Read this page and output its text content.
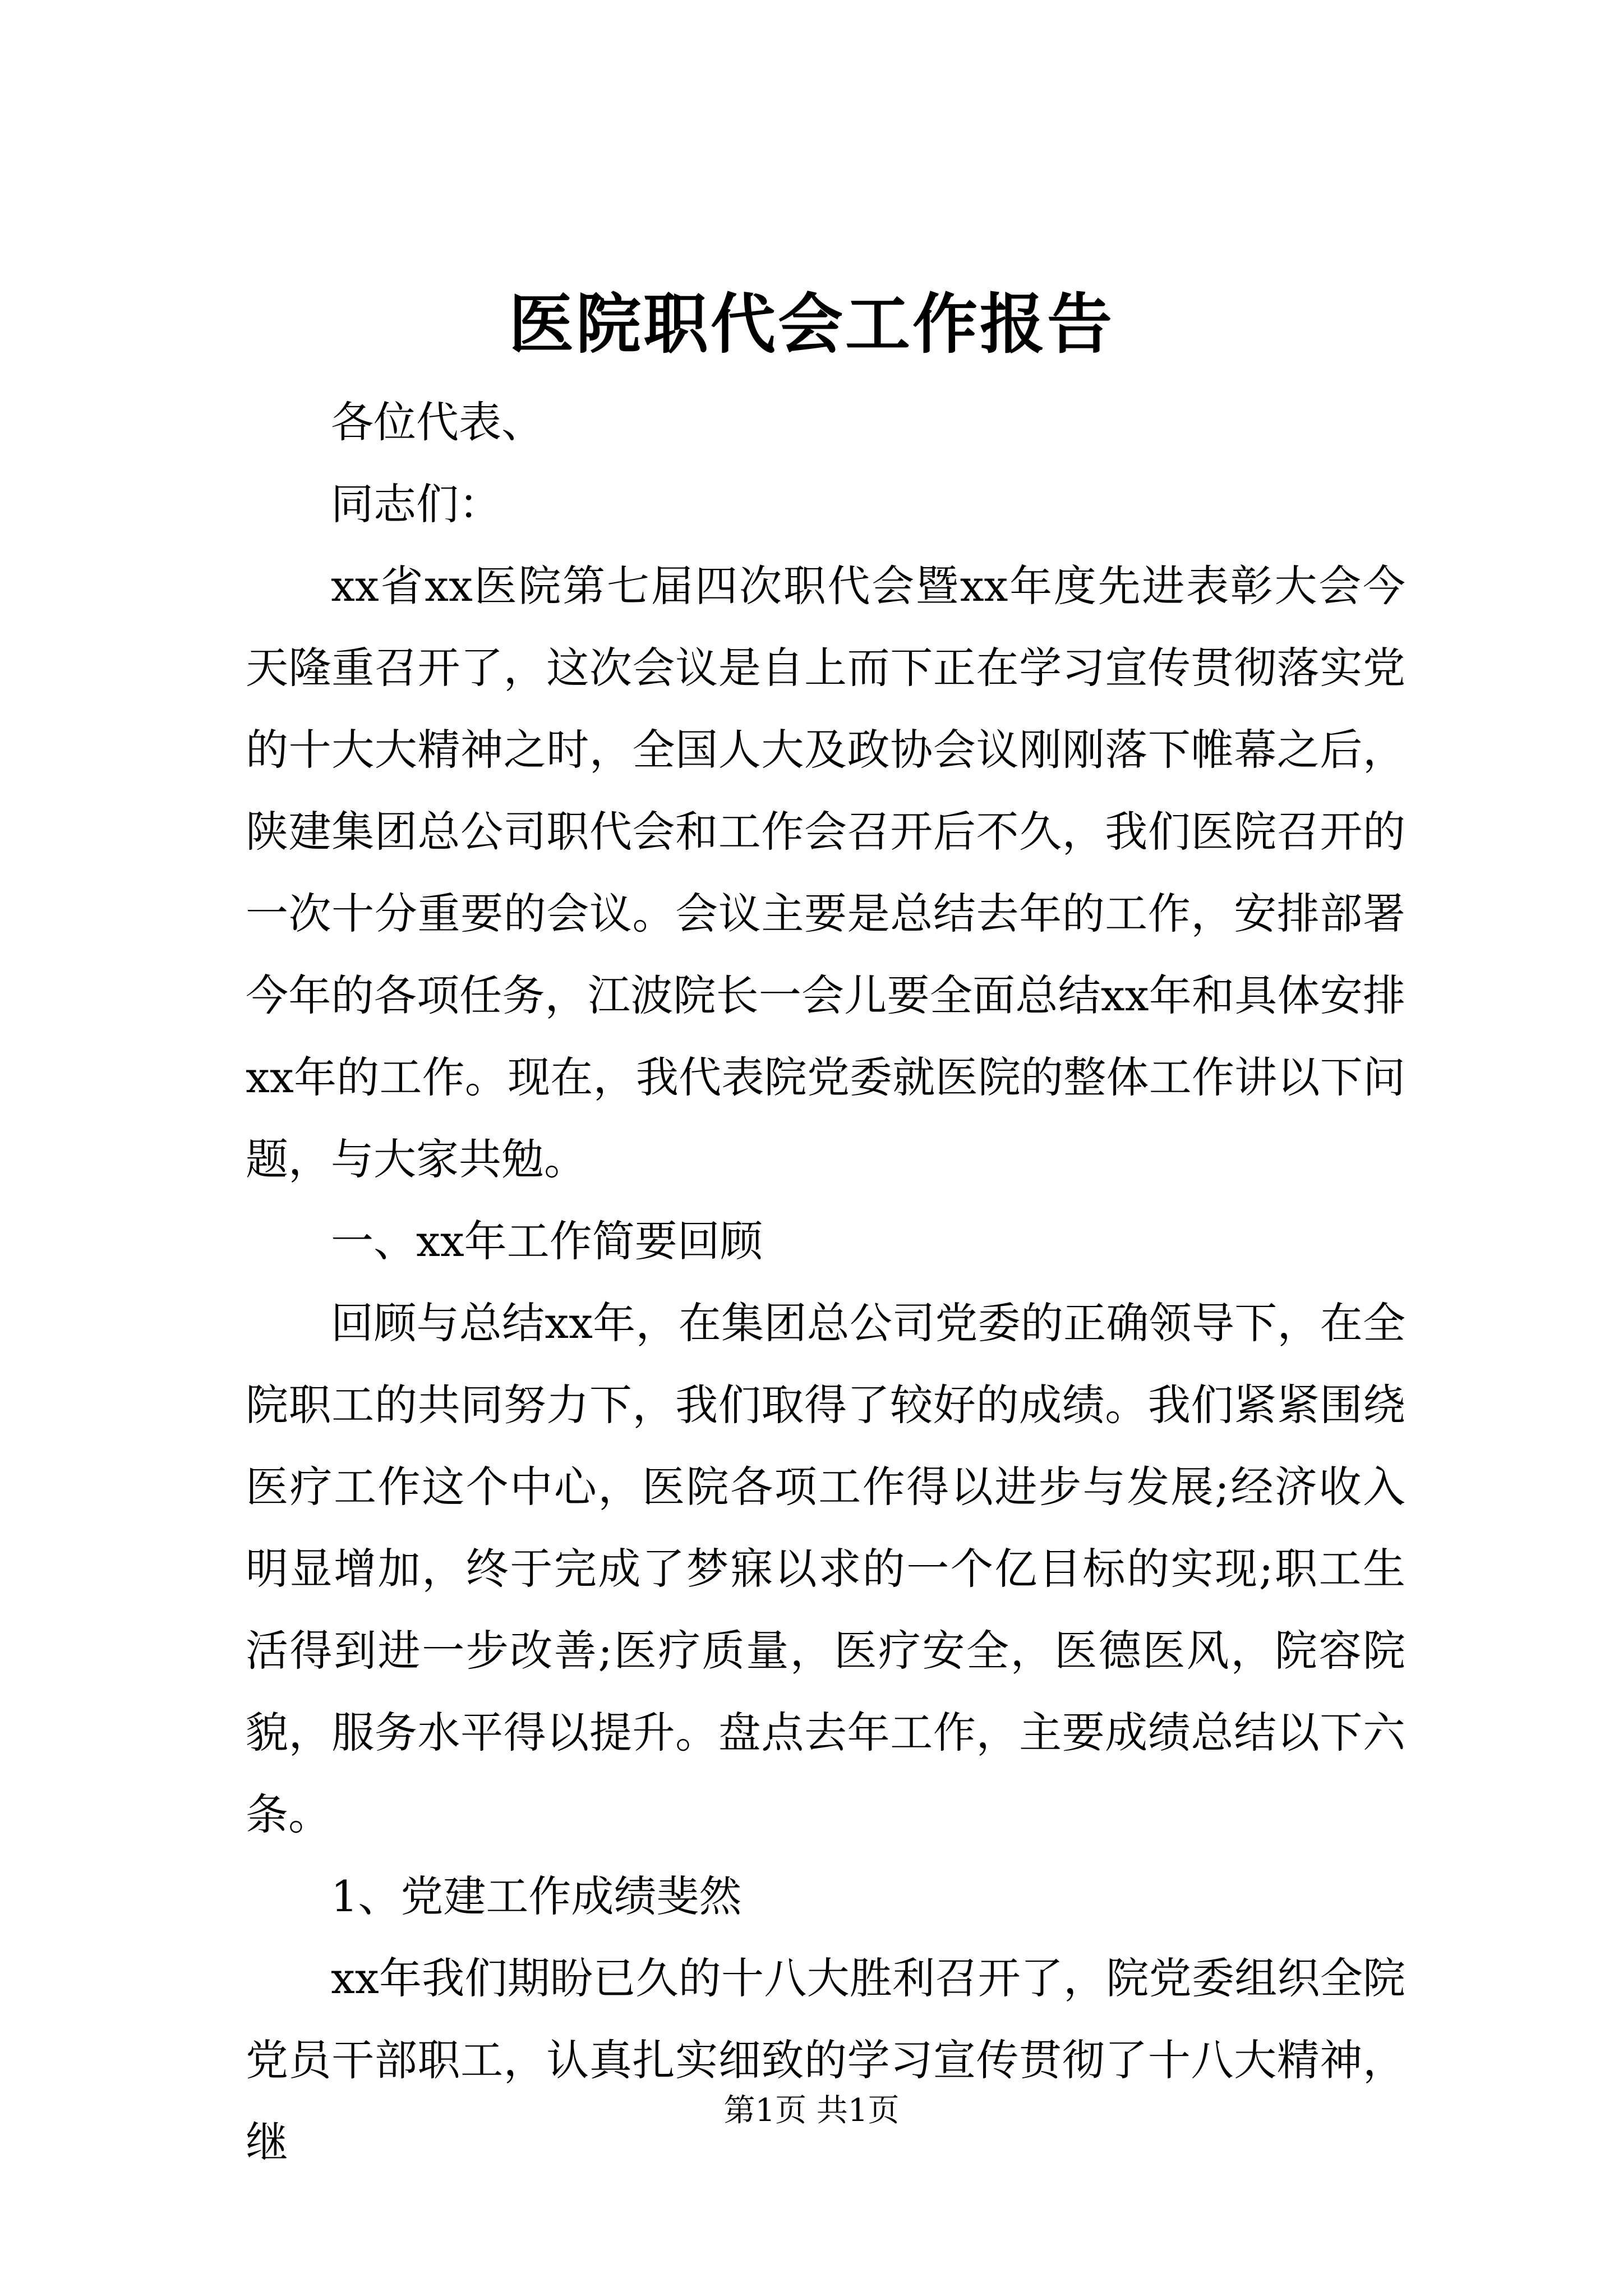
医院职代会工作报告

各位代表、

同志们：

xx省xx医院第七届四次职代会暨xx年度先进表彰大会今天隆重召开了，这次会议是自上而下正在学习宣传贯彻落实党的十大大精神之时，全国人大及政协会议刚刚落下帷幕之后，陕建集团总公司职代会和工作会召开后不久，我们医院召开的一次十分重要的会议。会议主要是总结去年的工作，安排部署今年的各项任务，江波院长一会儿要全面总结xx年和具体安排xx年的工作。现在，我代表院党委就医院的整体工作讲以下问题，与大家共勉。

一、xx年工作简要回顾

回顾与总结xx年，在集团总公司党委的正确领导下，在全院职工的共同努力下，我们取得了较好的成绩。我们紧紧围绕医疗工作这个中心，医院各项工作得以进步与发展;经济收入明显增加，终于完成了梦寐以求的一个亿目标的实现;职工生活得到进一步改善;医疗质量，医疗安全，医德医风，院容院貌，服务水平得以提升。盘点去年工作，主要成绩总结以下六条。

1、党建工作成绩斐然

xx年我们期盼已久的十八大胜利召开了，院党委组织全院党员干部职工，认真扎实细致的学习宣传贯彻了十八大精神，继

第1页 共1页
